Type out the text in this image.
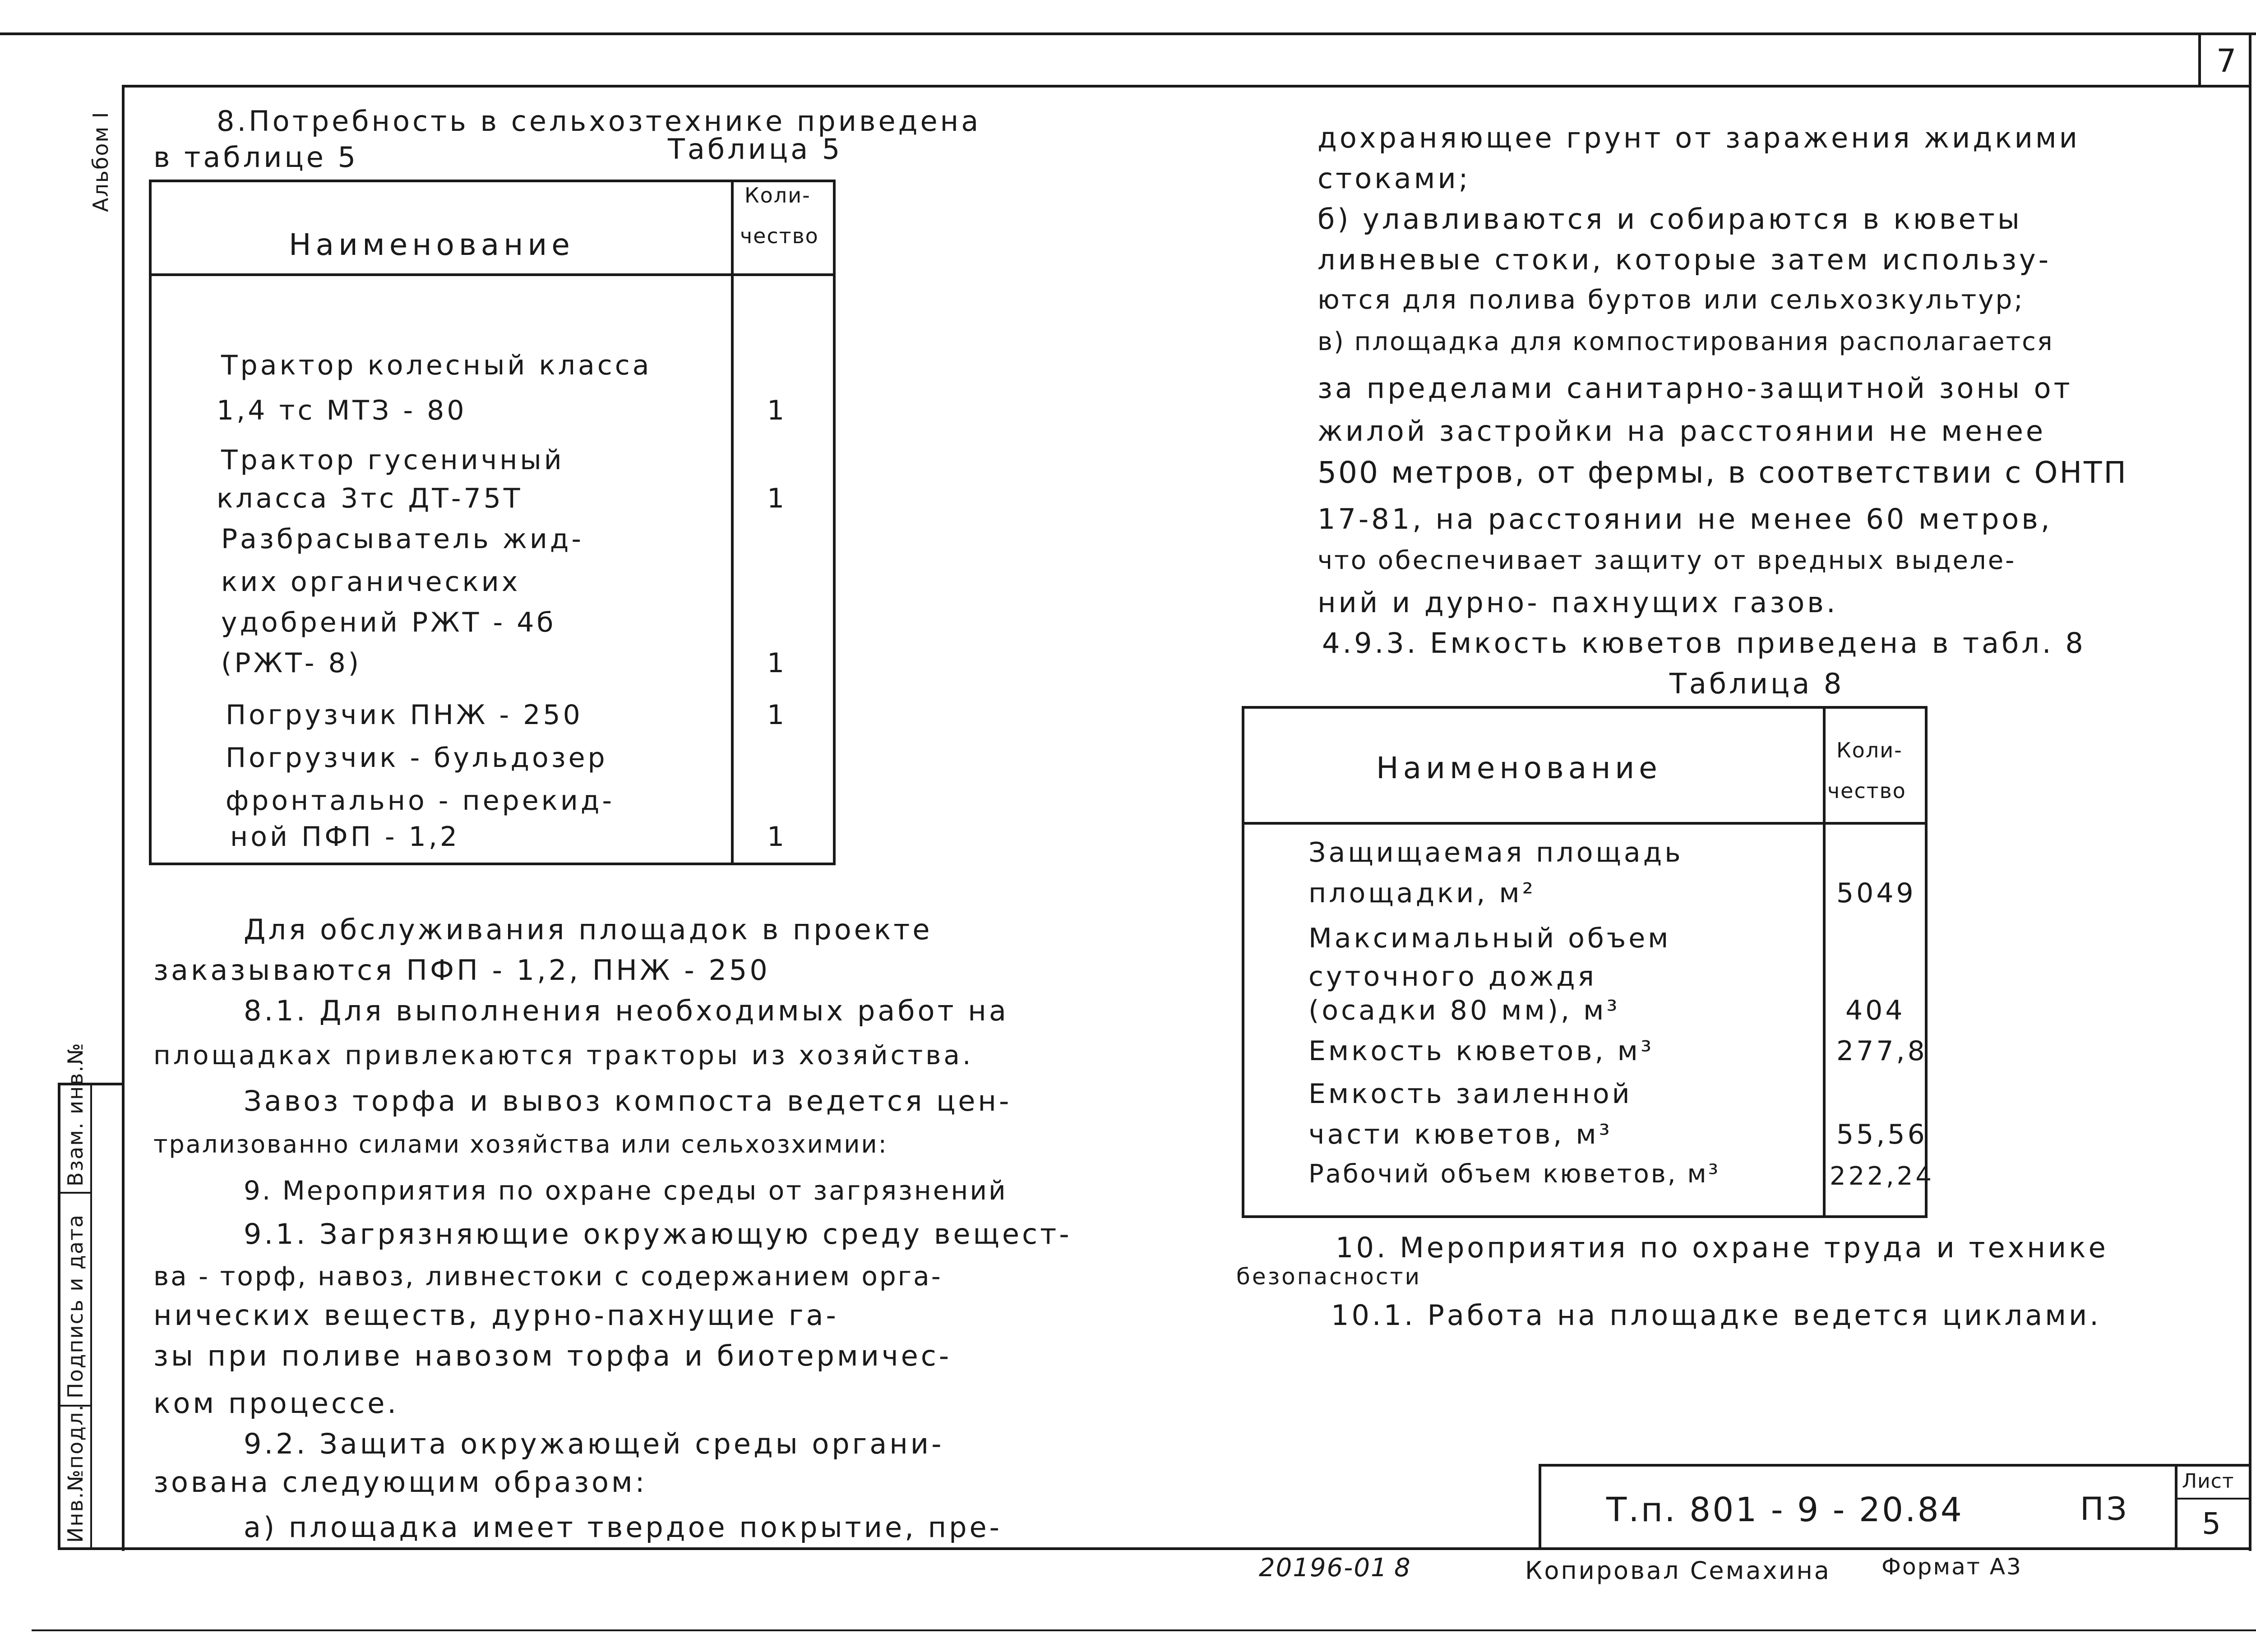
7
Альбом I
Инв.№подл.
Подпись и дата
Взам. инв.№
8.Потребность в сельхозтехнике приведена
в таблице 5	Таблица 5
Наименование
Коли-
чество
Трактор колесный класса
1,4 тс МТЗ - 80	1
Трактор гусеничный
класса 3тс ДТ-75Т	1
Разбрасыватель жид-
ких органических
удобрений РЖТ - 4б
(РЖТ- 8)	1
Погрузчик ПНЖ - 250	1
Погрузчик - бульдозер
фронтально - перекид-
ной ПФП - 1,2	1
Для обслуживания площадок в проекте
заказываются ПФП - 1,2, ПНЖ - 250
8.1. Для выполнения необходимых работ на
площадках привлекаются тракторы из хозяйства.
Завоз торфа и вывоз компоста ведется цен-
трализованно силами хозяйства или сельхозхимии:
9. Мероприятия по охране среды от загрязнений
9.1. Загрязняющие окружающую среду вещест-
ва - торф, навоз, ливнестоки с содержанием орга-
нических веществ, дурно-пахнущие га-
зы при поливе навозом торфа и биотермичес-
ком процессе.
9.2. Защита окружающей среды органи-
зована следующим образом:
а) площадка имеет твердое покрытие, пре-
дохраняющее грунт от заражения жидкими
стоками;
б) улавливаются и собираются в кюветы
ливневые стоки, которые затем использу-
ются для полива буртов или сельхозкультур;
в) площадка для компостирования располагается
за пределами санитарно-защитной зоны от
жилой застройки на расстоянии не менее
500 метров, от фермы, в соответствии с ОНТП
17-81, на расстоянии не менее 60 метров,
что обеспечивает защиту от вредных выделе-
ний и дурно- пахнущих газов.
4.9.3. Емкость кюветов приведена в табл. 8
Таблица 8
Наименование
Коли-
чество
Защищаемая площадь
площадки, м²	5049
Максимальный объем
суточного дождя
(осадки 80 мм), м³	404
Емкость кюветов, м³	277,8
Емкость заиленной
части кюветов, м³	55,56
Рабочий объем кюветов, м³	222,24
10. Мероприятия по охране труда и технике
безопасности
10.1. Работа на площадке ведется циклами.
Т.п. 801 - 9 - 20.84	ПЗ
Лист
5
20196-01 8	Копировал Семахина Формат А3
